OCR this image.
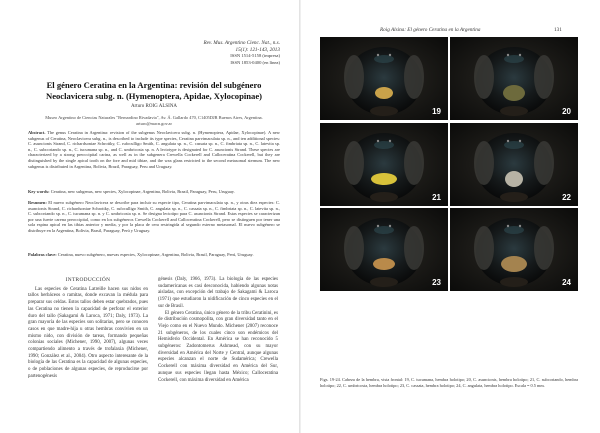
Rev. Mus. Argentino Cienc. Nat., n.s.
15(1): 121-143, 2013
ISSN 1514-5158 (impresa)
ISSN 1853-0400 (en línea)
El género Ceratina en la Argentina: revisión del subgénero Neoclavicera subg. n. (Hymenoptera, Apidae, Xylocopinae)
Arturo ROIG ALSINA
Museo Argentino de Ciencias Naturales "Bernardino Rivadavia", Av. Á. Gallardo 470, C1405DJR Buenos Aires, Argentina. arturo@macn.gov.ar
Abstract. The genus Ceratina in Argentina: revision of the subgenus Neoclavicera subg. n. (Hymenoptera, Apidae, Xylocopinae). A new subgenus of Ceratina, Neoclavicera subg. n., is described to include its type species, Ceratina parvimaculata sp. n., and ten additional species: C. asuncionis Strand, C. richardsoniae Schrottky, C. rufoculligo Smith, C. angulata sp. n., C. cassata sp. n., C. fimbriata sp. n., C. latevita sp. n., C. subcoriando sp. n., C. tucumana sp. n., and C. umbricosta sp. n. A lectotype is designated for C. asuncionis Strand. These species are characterized by a strong preoccipital carina, as well as in the subgenera Crewella Cockerell and Calloceratina Cockerell, but they are distinguished by the single apical tooth on the fore and mid tibiae, and the wax glans restricted to the second metasomal sternum. The new subgenus is distributed in Argentina, Bolivia, Brazil, Paraguay, Peru and Uruguay.
Key words: Ceratina, new subgenus, new species, Xylocopinae, Argentina, Bolivia, Brazil, Paraguay, Peru, Uruguay.
Resumen: El nuevo subgénero Neoclavicera se describe para incluir su especie tipo, Ceratina parvimaculata sp. n., y otras diez especies: C. asuncionis Strand, C. richardsoniae Schrottky, C. rufoculligo Smith, C. angulata sp. n., C. cassata sp. n., C. fimbriata sp. n., C. latevita sp. n., C. subcoriando sp. n., C. tucumana sp. n. y C. umbricosta sp. n. Se designa lectotipo para C. asuncionis Strand. Estas especies se caracterizan por una fuerte carena preoccipital, como en los subgéneros Crewella Cockerell and Calloceratina Cockerell, pero se distinguen por tener una sola espina apical en las tibias anterior y media, y por la placa de cera restringida al segundo esterno metasomal. El nuevo subgénero se distribuye en la Argentina, Bolivia, Brasil, Paraguay, Perú y Uruguay.
Palabras clave: Ceratina, nuevo subgénero, nuevas especies, Xylocopinae, Argentina, Bolivia, Brasil, Paraguay, Perú, Uruguay.
INTRODUCCIÓN
Las especies de Ceratina Latreille hacen sus nidos en tallos herbáceos o ramitas, donde excavan la médula para preparar sus celdas. Estos tallos deben estar quebrados, pues las Ceratina no tienen la capacidad de perforar el exterior duro del tallo (Sakagami & Laroca, 1971; Daly, 1973). La gran mayoría de las especies son solitarias, pero se conocen casos en que madre-hija u otras hembras convivien en un mismo nido, con división de tareas, formando pequeñas colonias sociales (Michener, 1990, 2007), algunas veces compartiendo alimento a través de trofalaxia (Michener, 1990; González et al., 2004). Otro aspecto interesante de la biología de las Ceratina es la capacidad de algunas especies, o de poblaciones de algunas especies, de reproducirse por partenogénesis
génesis (Daly, 1966, 1973). La biología de las especies sudamericanas es casi desconocida, habiendo algunas notas aisladas, con excepción del trabajo de Sakagami & Laroca (1971) que estudiaron la nidificación de cinco especies en el sur de Brasil.
El género Ceratina, único género de la tribu Ceratinini, es de distribución cosmopolita, con gran diversidad tanto en el Viejo como en el Nuevo Mundo. Michener (2007) reconoce 21 subgéneros, de los cuales cinco son endémicos del Hemisferio Occidental. En América se han reconocido 5 subgéneros: Zadontomerus Ashmead, con su mayor diversidad en América del Norte y Central, aunque algunas especies alcanzan el norte de Sudamérica; Crewella Cockerell con máxima diversidad en América del Sur, aunque sus especies llegan hasta México; Calloceratina Cockerell, con máxima diversidad en América
Roig Alsina: El género Ceratina en la Argentina	131
19	20
21	22
23	24
Figs. 19-24. Cabeza de la hembra, vista frontal: 19, C. tucumana, hembra holotipo; 20, C. asuncionis, hembra holotipo; 21, C. subcoriando, hembra holotipo; 22, C. umbricosta, hembra holotipo; 23, C. cassata, hembra holotipo; 24, C. angulata, hembra holotipo. Escala = 0.5 mm.
